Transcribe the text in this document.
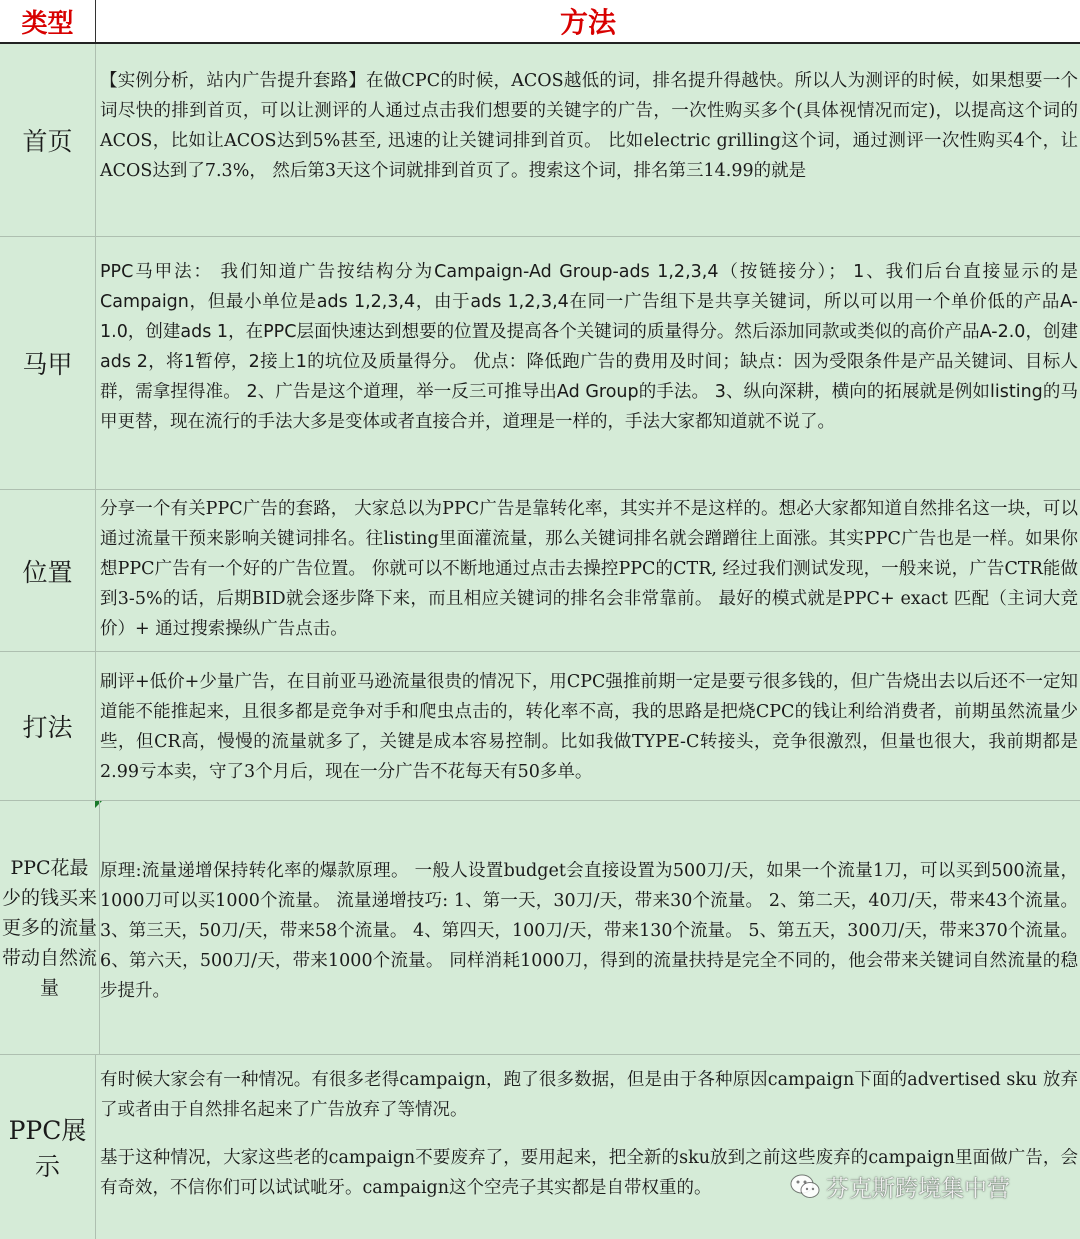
类型	方法
首页

【实例分析，站内广告提升套路】在做CPC的时候，ACOS越低的词，排名提升得越快。所以人为测评的时候，如果想要一个词尽快的排到首页，可以让测评的人通过点击我们想要的关键字的广告，一次性购买多个(具体视情况而定)，以提高这个词的ACOS，比如让ACOS达到5%甚至, 迅速的让关键词排到首页。 比如electric grilling这个词，通过测评一次性购买4个，让ACOS达到了7.3%， 然后第3天这个词就排到首页了。搜索这个词，排名第三14.99的就是

马甲

PPC马甲法： 我们知道广告按结构分为Campaign-Ad Group-ads 1,2,3,4（按链接分）； 1、我们后台直接显示的是Campaign，但最小单位是ads 1,2,3,4，由于ads 1,2,3,4在同一广告组下是共享关键词，所以可以用一个单价低的产品A-1.0，创建ads 1，在PPC层面快速达到想要的位置及提高各个关键词的质量得分。然后添加同款或类似的高价产品A-2.0，创建ads 2，将1暂停，2接上1的坑位及质量得分。 优点：降低跑广告的费用及时间；缺点：因为受限条件是产品关键词、目标人群，需拿捏得准。 2、广告是这个道理，举一反三可推导出Ad Group的手法。 3、纵向深耕，横向的拓展就是例如listing的马甲更替，现在流行的手法大多是变体或者直接合并，道理是一样的，手法大家都知道就不说了。

位置

分享一个有关PPC广告的套路， 大家总以为PPC广告是靠转化率，其实并不是这样的。想必大家都知道自然排名这一块，可以通过流量干预来影响关键词排名。往listing里面灌流量，那么关键词排名就会蹭蹭往上面涨。其实PPC广告也是一样。如果你想PPC广告有一个好的广告位置。 你就可以不断地通过点击去操控PPC的CTR, 经过我们测试发现，一般来说，广告CTR能做到3-5%的话，后期BID就会逐步降下来，而且相应关键词的排名会非常靠前。 最好的模式就是PPC+ exact 匹配（主词大竞价）+ 通过搜索操纵广告点击。

打法

刷评+低价+少量广告，在目前亚马逊流量很贵的情况下，用CPC强推前期一定是要亏很多钱的，但广告烧出去以后还不一定知道能不能推起来，且很多都是竞争对手和爬虫点击的，转化率不高，我的思路是把烧CPC的钱让利给消费者，前期虽然流量少些，但CR高，慢慢的流量就多了，关键是成本容易控制。比如我做TYPE-C转接头，竞争很激烈，但量也很大，我前期都是2.99亏本卖，守了3个月后，现在一分广告不花每天有50多单。

PPC花最少的钱买来更多的流量带动自然流量

原理:流量递增保持转化率的爆款原理。 一般人设置budget会直接设置为500刀/天，如果一个流量1刀，可以买到500流量，1000刀可以买1000个流量。 流量递增技巧: 1、第一天，30刀/天，带来30个流量。 2、第二天，40刀/天，带来43个流量。 3、第三天，50刀/天，带来58个流量。 4、第四天，100刀/天，带来130个流量。 5、第五天，300刀/天，带来370个流量。 6、第六天，500刀/天，带来1000个流量。 同样消耗1000刀，得到的流量扶持是完全不同的，他会带来关键词自然流量的稳步提升。

PPC展示

有时候大家会有一种情况。有很多老得campaign，跑了很多数据，但是由于各种原因campaign下面的advertised sku 放弃了或者由于自然排名起来了广告放弃了等情况。

基于这种情况，大家这些老的campaign不要废弃了，要用起来，把全新的sku放到之前这些废弃的campaign里面做广告，会有奇效，不信你们可以试试呲牙。campaign这个空壳子其实都是自带权重的。	芬克斯跨境集中营
